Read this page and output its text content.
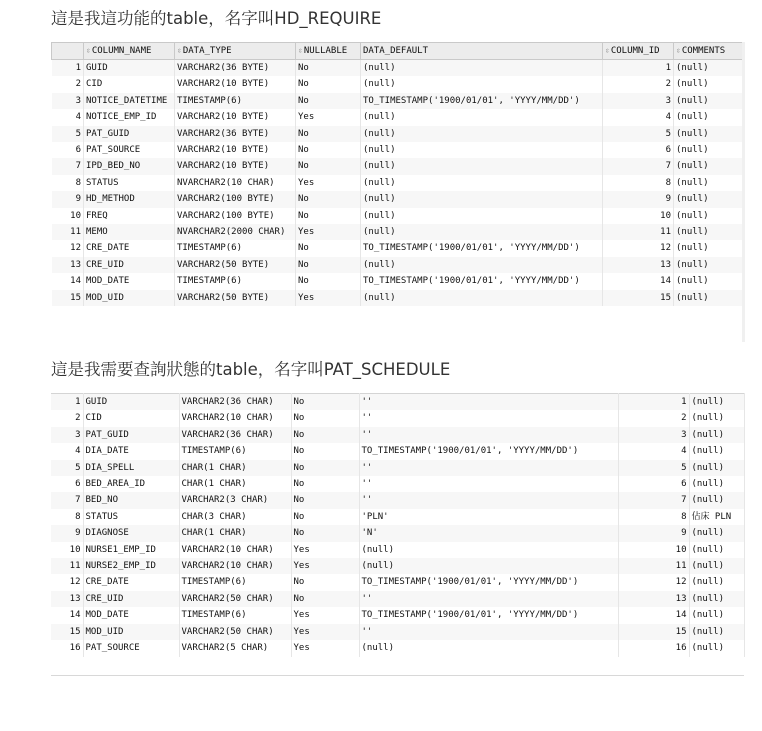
這是我這功能的table，名字叫HD_REQUIRE
	⇳COLUMN_NAME	⇳DATA_TYPE	⇳NULLABLE	DATA_DEFAULT	⇳COLUMN_ID	⇳COMMENTS
1	GUID	VARCHAR2(36 BYTE)	No	(null)	1	(null)
2	CID	VARCHAR2(10 BYTE)	No	(null)	2	(null)
3	NOTICE_DATETIME	TIMESTAMP(6)	No	TO_TIMESTAMP('1900/01/01', 'YYYY/MM/DD')	3	(null)
4	NOTICE_EMP_ID	VARCHAR2(10 BYTE)	Yes	(null)	4	(null)
5	PAT_GUID	VARCHAR2(36 BYTE)	No	(null)	5	(null)
6	PAT_SOURCE	VARCHAR2(10 BYTE)	No	(null)	6	(null)
7	IPD_BED_NO	VARCHAR2(10 BYTE)	No	(null)	7	(null)
8	STATUS	NVARCHAR2(10 CHAR)	Yes	(null)	8	(null)
9	HD_METHOD	VARCHAR2(100 BYTE)	No	(null)	9	(null)
10	FREQ	VARCHAR2(100 BYTE)	No	(null)	10	(null)
11	MEMO	NVARCHAR2(2000 CHAR)	Yes	(null)	11	(null)
12	CRE_DATE	TIMESTAMP(6)	No	TO_TIMESTAMP('1900/01/01', 'YYYY/MM/DD')	12	(null)
13	CRE_UID	VARCHAR2(50 BYTE)	No	(null)	13	(null)
14	MOD_DATE	TIMESTAMP(6)	No	TO_TIMESTAMP('1900/01/01', 'YYYY/MM/DD')	14	(null)
15	MOD_UID	VARCHAR2(50 BYTE)	Yes	(null)	15	(null)
這是我需要查詢狀態的table，名字叫PAT_SCHEDULE
1	GUID	VARCHAR2(36 CHAR)	No	''	1	(null)
2	CID	VARCHAR2(10 CHAR)	No	''	2	(null)
3	PAT_GUID	VARCHAR2(36 CHAR)	No	''	3	(null)
4	DIA_DATE	TIMESTAMP(6)	No	TO_TIMESTAMP('1900/01/01', 'YYYY/MM/DD')	4	(null)
5	DIA_SPELL	CHAR(1 CHAR)	No	''	5	(null)
6	BED_AREA_ID	CHAR(1 CHAR)	No	''	6	(null)
7	BED_NO	VARCHAR2(3 CHAR)	No	''	7	(null)
8	STATUS	CHAR(3 CHAR)	No	'PLN'	8	佔床 PLN
9	DIAGNOSE	CHAR(1 CHAR)	No	'N'	9	(null)
10	NURSE1_EMP_ID	VARCHAR2(10 CHAR)	Yes	(null)	10	(null)
11	NURSE2_EMP_ID	VARCHAR2(10 CHAR)	Yes	(null)	11	(null)
12	CRE_DATE	TIMESTAMP(6)	No	TO_TIMESTAMP('1900/01/01', 'YYYY/MM/DD')	12	(null)
13	CRE_UID	VARCHAR2(50 CHAR)	No	''	13	(null)
14	MOD_DATE	TIMESTAMP(6)	Yes	TO_TIMESTAMP('1900/01/01', 'YYYY/MM/DD')	14	(null)
15	MOD_UID	VARCHAR2(50 CHAR)	Yes	''	15	(null)
16	PAT_SOURCE	VARCHAR2(5 CHAR)	Yes	(null)	16	(null)
